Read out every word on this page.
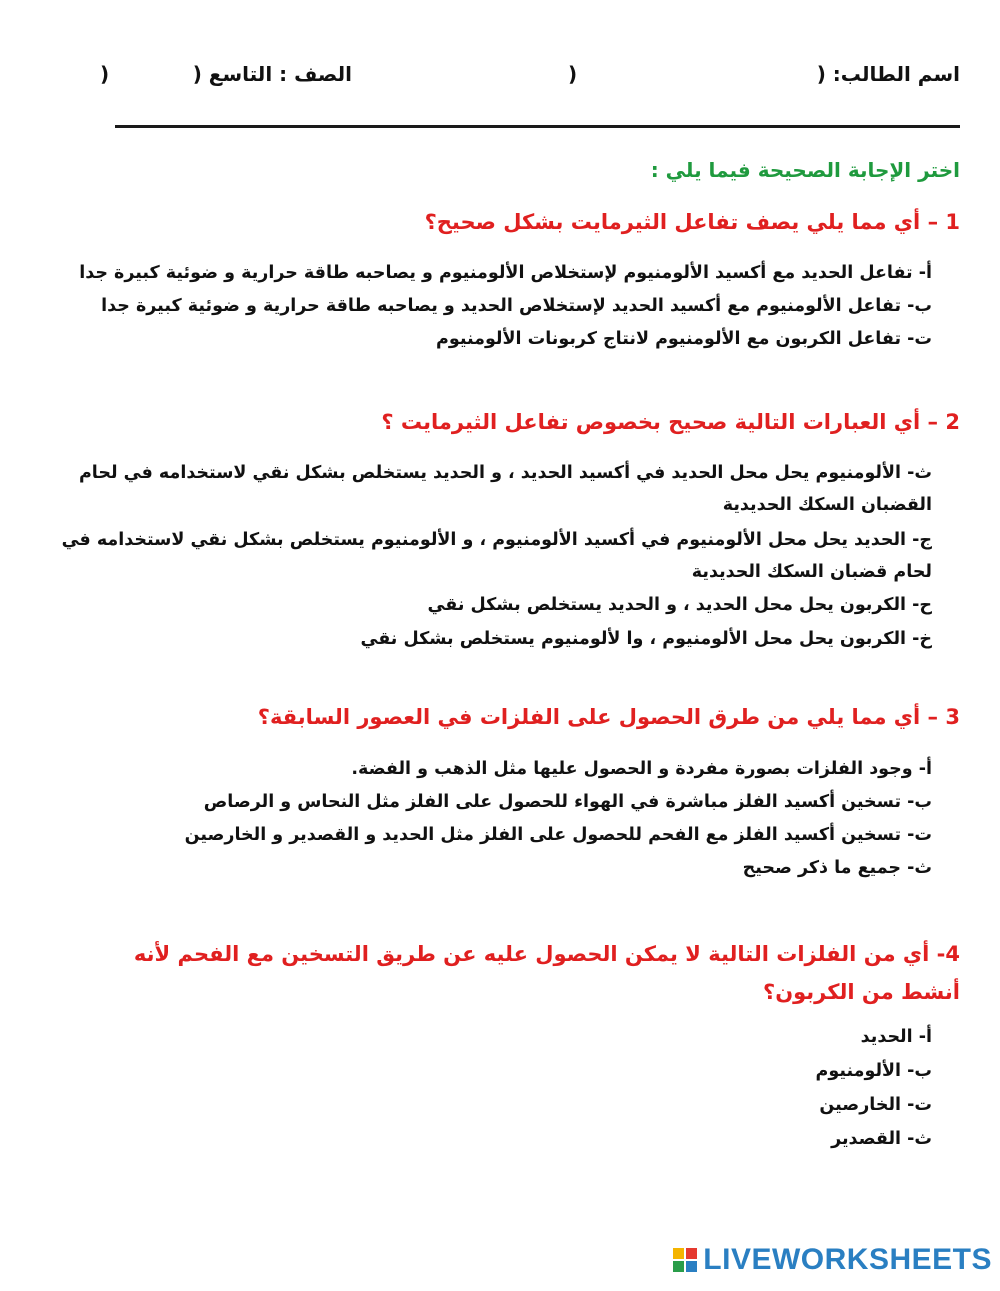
اسم الطالب: (
)
الصف : التاسع (
)
اختر الإجابة الصحيحة فيما يلي :
1 – أي مما يلي يصف تفاعل الثيرمايت بشكل صحيح؟
أ- تفاعل الحديد مع أكسيد الألومنيوم لإستخلاص الألومنيوم و يصاحبه طاقة حرارية و ضوئية كبيرة جدا
ب- تفاعل الألومنيوم مع أكسيد الحديد لإستخلاص الحديد و يصاحبه طاقة حرارية و ضوئية كبيرة جدا
ت- تفاعل الكربون مع الألومنيوم لانتاج كربونات الألومنيوم
2 – أي العبارات التالية صحيح بخصوص تفاعل الثيرمايت ؟
ث- الألومنيوم يحل محل الحديد في أكسيد الحديد ، و الحديد يستخلص بشكل نقي لاستخدامه في لحام القضبان السكك الحديدية
ج- الحديد يحل محل الألومنيوم في أكسيد الألومنيوم ، و الألومنيوم يستخلص بشكل نقي لاستخدامه في لحام قضبان السكك الحديدية
ح- الكربون يحل محل الحديد ، و الحديد يستخلص بشكل نقي
خ- الكربون يحل محل الألومنيوم ، وا لألومنيوم يستخلص بشكل نقي
3 – أي مما يلي من طرق الحصول على الفلزات في العصور السابقة؟
أ- وجود الفلزات بصورة مفردة و الحصول عليها مثل الذهب و الفضة.
ب- تسخين أكسيد الفلز مباشرة في الهواء للحصول على الفلز مثل النحاس و الرصاص
ت- تسخين أكسيد الفلز مع الفحم للحصول على الفلز مثل الحديد و القصدير و الخارصين
ث- جميع ما ذكر صحيح
4- أي من الفلزات التالية لا يمكن الحصول عليه عن طريق التسخين مع الفحم لأنه أنشط من الكربون؟
أ- الحديد
ب- الألومنيوم
ت- الخارصين
ث- القصدير
LIVEWORKSHEETS
